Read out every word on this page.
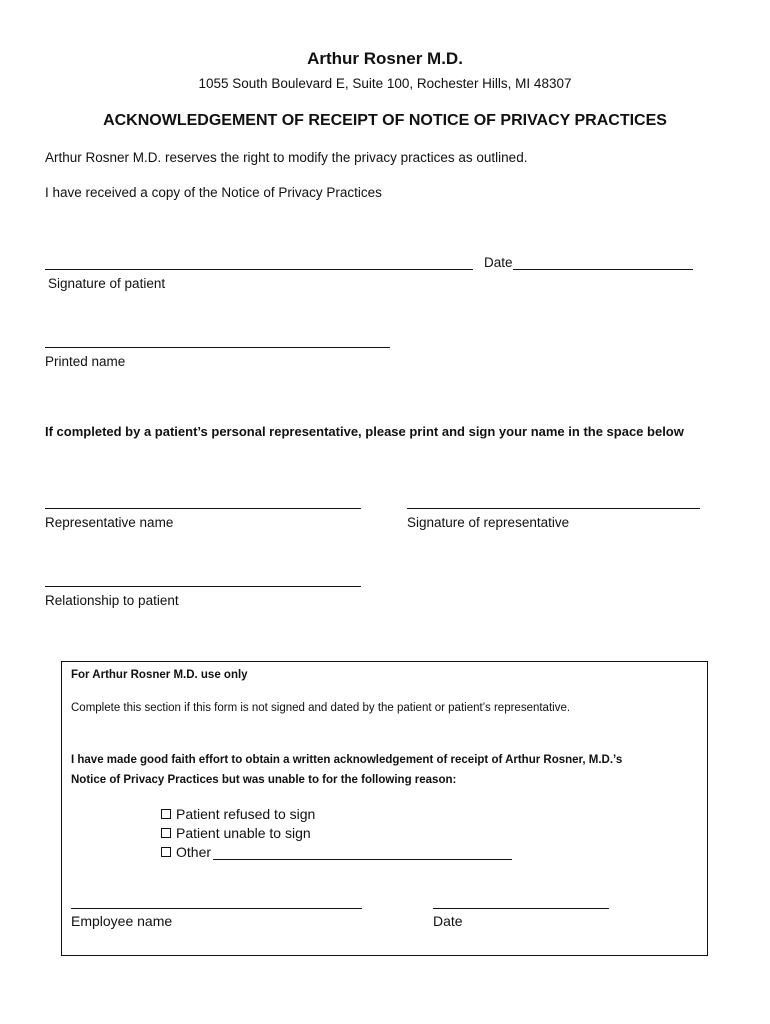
Arthur Rosner M.D.
1055 South Boulevard E, Suite 100, Rochester Hills, MI 48307
ACKNOWLEDGEMENT OF RECEIPT OF NOTICE OF PRIVACY PRACTICES
Arthur Rosner M.D. reserves the right to modify the privacy practices as outlined.
I have received a copy of the Notice of Privacy Practices
Date
Signature of patient
Printed name
If completed by a patient’s personal representative, please print and sign your name in the space below
Representative name	Signature of representative
Relationship to patient
For Arthur Rosner M.D. use only
Complete this section if this form is not signed and dated by the patient or patient’s representative.
I have made good faith effort to obtain a written acknowledgement of receipt of Arthur Rosner, M.D.’s
Notice of Privacy Practices but was unable to for the following reason:
Patient refused to sign
Patient unable to sign
Other
Employee name	Date
